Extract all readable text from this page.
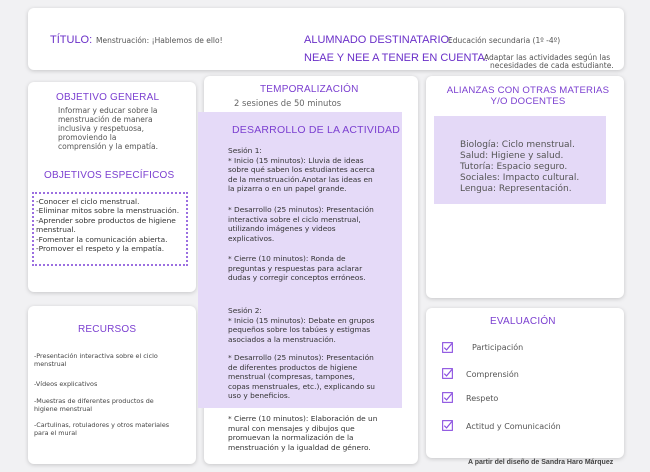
TÍTULO: Menstruación: ¡Hablemos de ello!	ALUMNADO DESTINATARIO:
Educación secundaria (1º -4º)
NEAE Y NEE A TENER EN CUENTA:
Adaptar las actividades según las
necesidades de cada estudiante.
OBJETIVO GENERAL
Informar y educar sobre la
menstruación de manera
inclusiva y respetuosa,
promoviendo la
comprensión y la empatía.
OBJETIVOS ESPECÍFICOS
-Conocer el ciclo menstrual.
-Eliminar mitos sobre la menstruación.
-Aprender sobre productos de higiene
menstrual.
-Fomentar la comunicación abierta.
-Promover el respeto y la empatía.
RECURSOS
-Presentación interactiva sobre el ciclo
menstrual
-Vídeos explicativos
-Muestras de diferentes productos de
higiene menstrual
-Cartulinas, rotuladores y otros materiales
para el mural
TEMPORALIZACIÓN
2 sesiones de 50 minutos
DESARROLLO DE LA ACTIVIDAD
Sesión 1:
* Inicio (15 minutos): Lluvia de ideas
sobre qué saben los estudiantes acerca
de la menstruación.Anotar las ideas en
la pizarra o en un papel grande.
* Desarrollo (25 minutos): Presentación
interactiva sobre el ciclo menstrual,
utilizando imágenes y videos
explicativos.
* Cierre (10 minutos): Ronda de
preguntas y respuestas para aclarar
dudas y corregir conceptos erróneos.
Sesión 2:
* Inicio (15 minutos): Debate en grupos
pequeños sobre los tabúes y estigmas
asociados a la menstruación.
* Desarrollo (25 minutos): Presentación
de diferentes productos de higiene
menstrual (compresas, tampones,
copas menstruales, etc.), explicando su
uso y beneficios.
* Cierre (10 minutos): Elaboración de un
mural con mensajes y dibujos que
promuevan la normalización de la
menstruación y la igualdad de género.
ALIANZAS CON OTRAS MATERIAS
Y/O DOCENTES
Biología: Ciclo menstrual.
Salud: Higiene y salud.
Tutoría: Espacio seguro.
Sociales: Impacto cultural.
Lengua: Representación.
EVALUACIÓN
Participación
Comprensión
Respeto
Actitud y Comunicación
A partir del diseño de Sandra Haro Márquez
